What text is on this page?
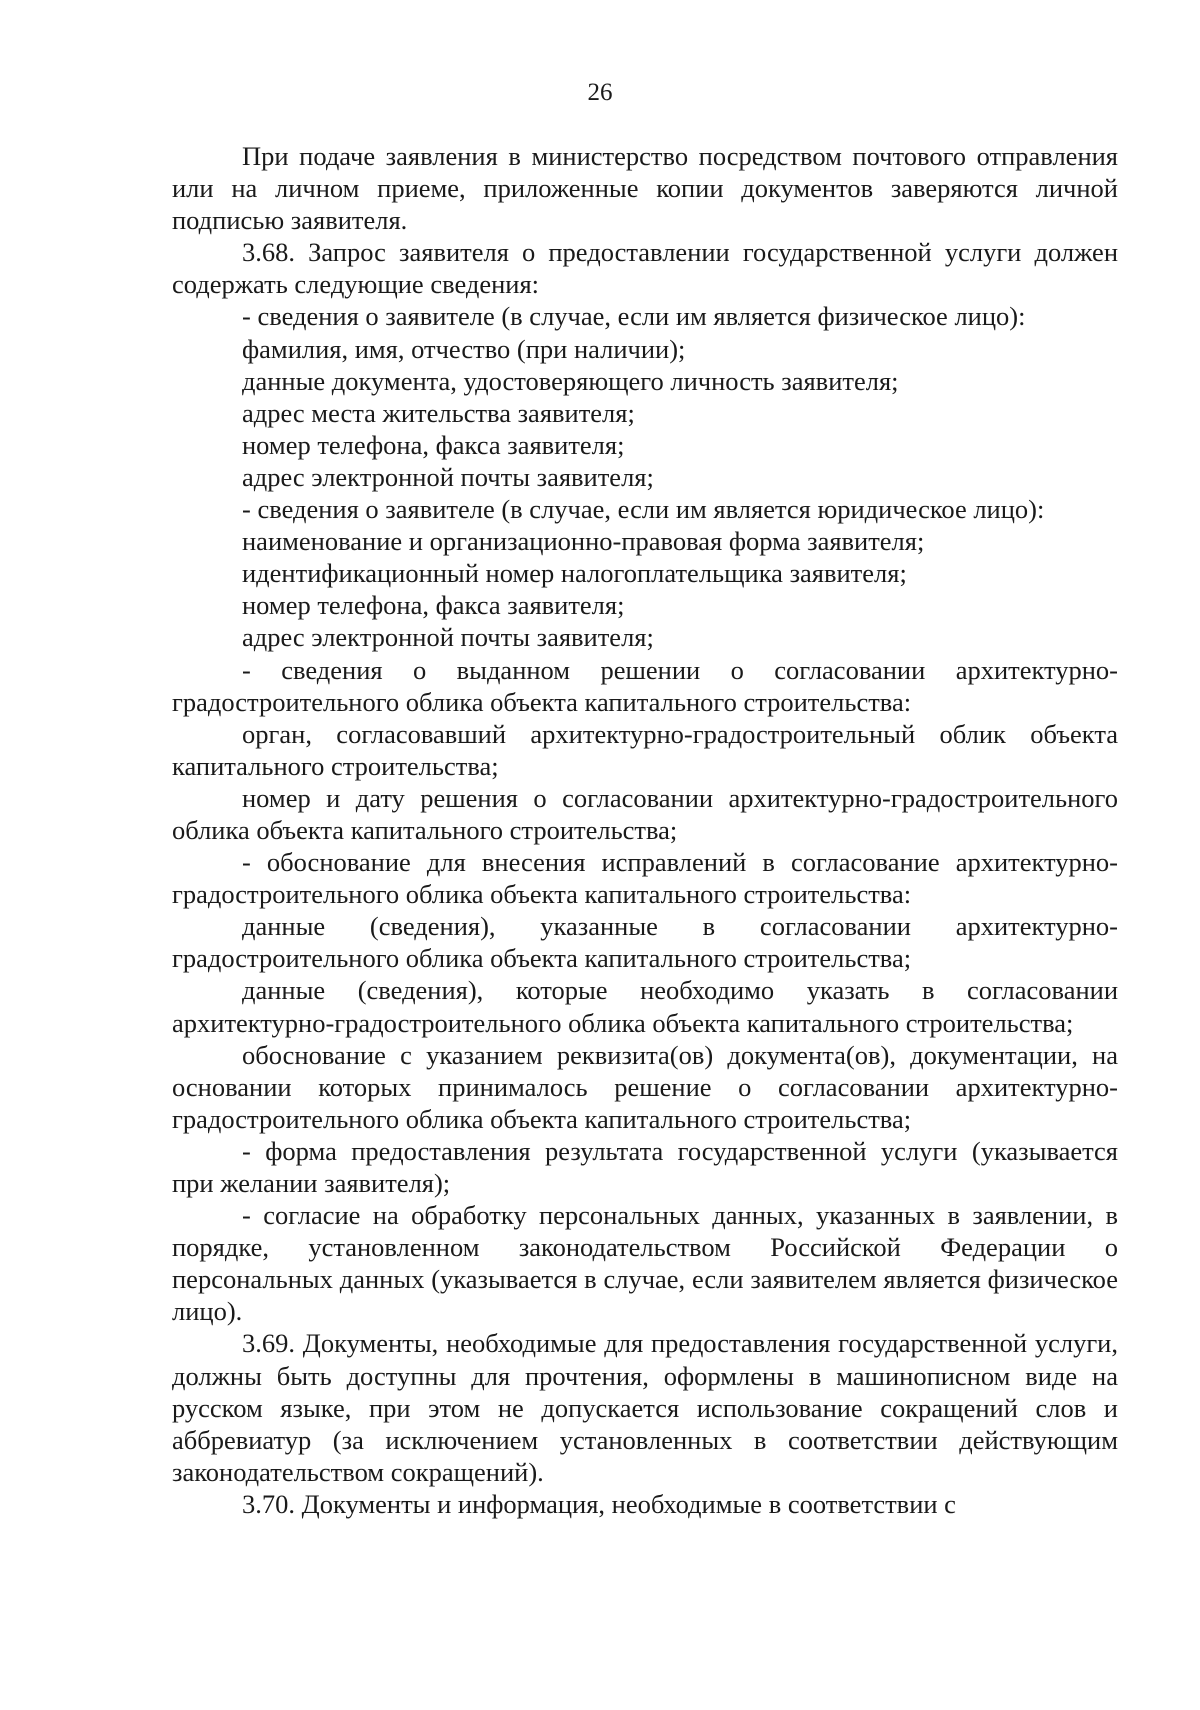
26

При подаче заявления в министерство посредством почтового отправления или на личном приеме, приложенные копии документов заверяются личной подписью заявителя.

3.68. Запрос заявителя о предоставлении государственной услуги должен содержать следующие сведения:

- сведения о заявителе (в случае, если им является физическое лицо):

фамилия, имя, отчество (при наличии);

данные документа, удостоверяющего личность заявителя;

адрес места жительства заявителя;

номер телефона, факса заявителя;

адрес электронной почты заявителя;

- сведения о заявителе (в случае, если им является юридическое лицо):

наименование и организационно-правовая форма заявителя;

идентификационный номер налогоплательщика заявителя;

номер телефона, факса заявителя;

адрес электронной почты заявителя;

- сведения о выданном решении о согласовании архитектурно-градостроительного облика объекта капитального строительства:

орган, согласовавший архитектурно-градостроительный облик объекта капитального строительства;

номер и дату решения о согласовании архитектурно-градостроительного облика объекта капитального строительства;

- обоснование для внесения исправлений в согласование архитектурно-градостроительного облика объекта капитального строительства:

данные (сведения), указанные в согласовании архитектурно-градостроительного облика объекта капитального строительства;

данные (сведения), которые необходимо указать в согласовании архитектурно-градостроительного облика объекта капитального строительства;

обоснование с указанием реквизита(ов) документа(ов), документации, на основании которых принималось решение о согласовании архитектурно-градостроительного облика объекта капитального строительства;

- форма предоставления результата государственной услуги (указывается при желании заявителя);

- согласие на обработку персональных данных, указанных в заявлении, в порядке, установленном законодательством Российской Федерации о персональных данных (указывается в случае, если заявителем является физическое лицо).

3.69. Документы, необходимые для предоставления государственной услуги, должны быть доступны для прочтения, оформлены в машинописном виде на русском языке, при этом не допускается использование сокращений слов и аббревиатур (за исключением установленных в соответствии действующим законодательством сокращений).

3.70. Документы и информация, необходимые в соответствии с
